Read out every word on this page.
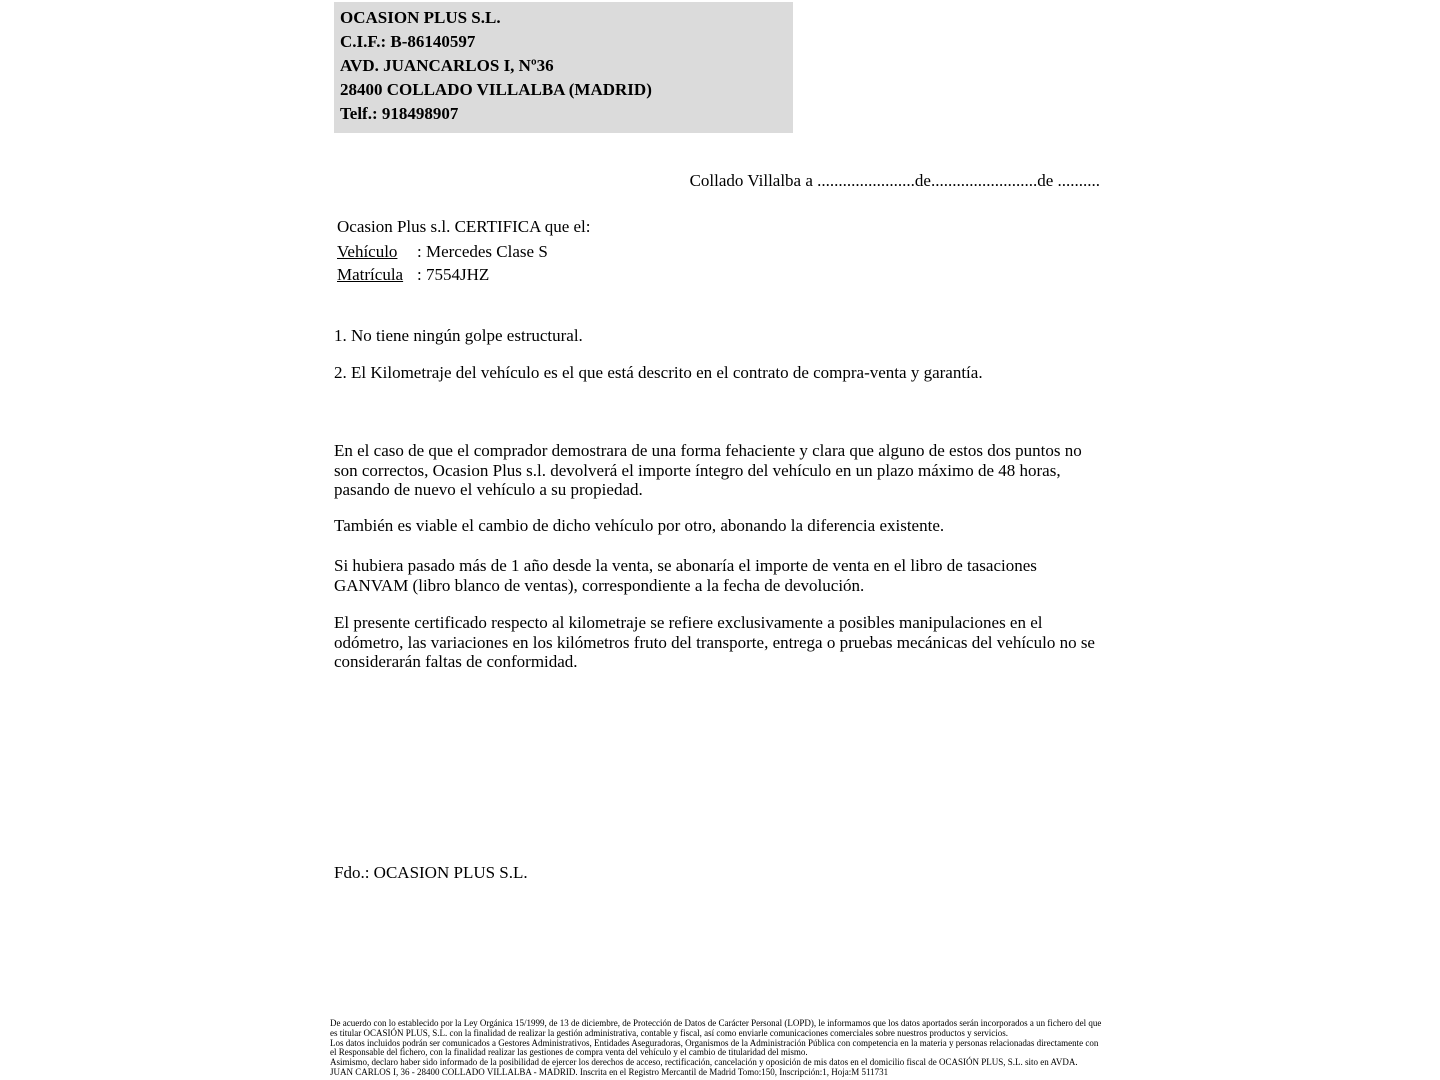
OCASION PLUS S.L.
C.I.F.: B-86140597
AVD. JUANCARLOS I, Nº36
28400 COLLADO VILLALBA (MADRID)
Telf.: 918498907
Collado Villalba a .......................de.........................de ..........
Ocasion Plus s.l. CERTIFICA que el:
Vehículo : Mercedes Clase S
Matrícula : 7554JHZ
1. No tiene ningún golpe estructural.
2. El Kilometraje del vehículo es el que está descrito en el contrato de compra-venta y garantía.
En el caso de que el comprador demostrara de una forma fehaciente y clara que alguno de estos dos puntos no son correctos, Ocasion Plus s.l. devolverá el importe íntegro del vehículo en un plazo máximo de 48 horas, pasando de nuevo el vehículo a su propiedad.
También es viable el cambio de dicho vehículo por otro, abonando la diferencia existente.
Si hubiera pasado más de 1 año desde la venta, se abonaría el importe de venta en el libro de tasaciones GANVAM (libro blanco de ventas), correspondiente a la fecha de devolución.
El presente certificado respecto al kilometraje se refiere exclusivamente a posibles manipulaciones en el odómetro, las variaciones en los kilómetros fruto del transporte, entrega o pruebas mecánicas del vehículo no se considerarán faltas de conformidad.
Fdo.: OCASION PLUS S.L.
De acuerdo con lo establecido por la Ley Orgánica 15/1999, de 13 de diciembre, de Protección de Datos de Carácter Personal (LOPD), le informamos que los datos aportados serán incorporados a un fichero del que es titular OCASIÓN PLUS, S.L. con la finalidad de realizar la gestión administrativa, contable y fiscal, así como enviarle comunicaciones comerciales sobre nuestros productos y servicios.
Los datos incluidos podrán ser comunicados a Gestores Administrativos, Entidades Aseguradoras, Organismos de la Administración Pública con competencia en la materia y personas relacionadas directamente con el Responsable del fichero, con la finalidad realizar las gestiones de compra venta del vehículo y el cambio de titularidad del mismo.
Asimismo, declaro haber sido informado de la posibilidad de ejercer los derechos de acceso, rectificación, cancelación y oposición de mis datos en el domicilio fiscal de OCASIÓN PLUS, S.L. sito en AVDA. JUAN CARLOS I, 36 - 28400 COLLADO VILLALBA - MADRID. Inscrita en el Registro Mercantil de Madrid Tomo:150, Inscripción:1, Hoja:M 511731
